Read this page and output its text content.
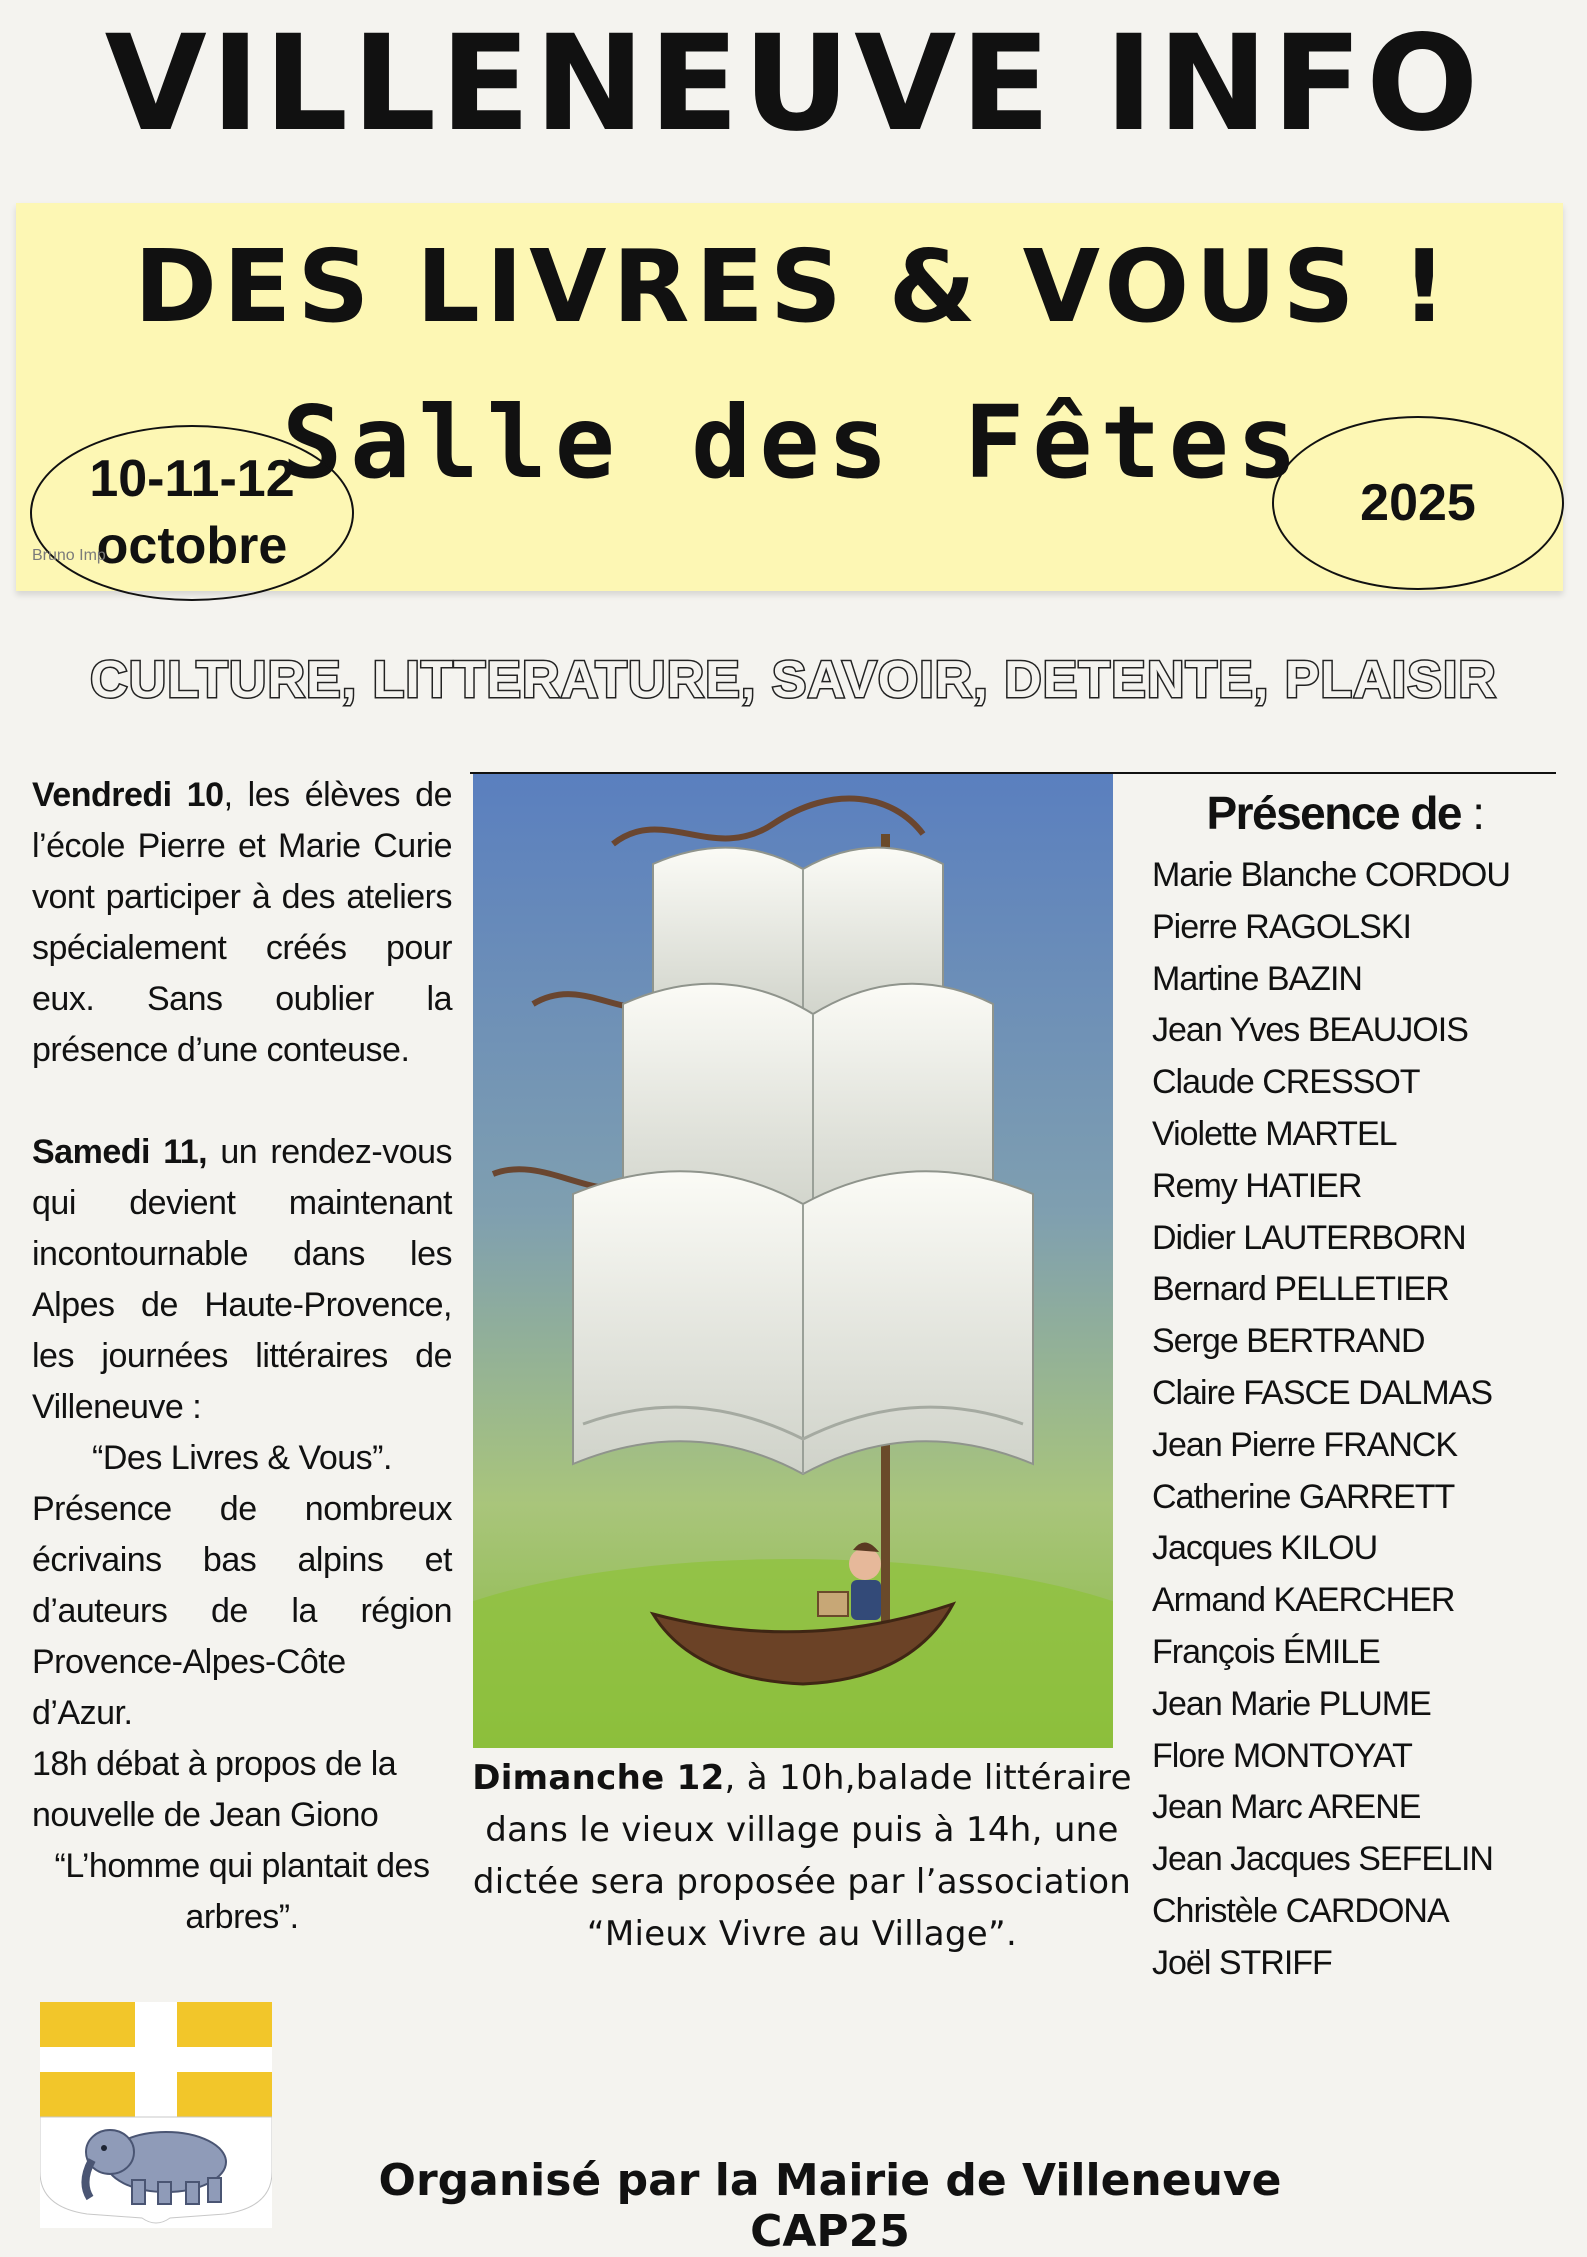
VILLENEUVE INFO
DES LIVRES & VOUS !
Salle des Fêtes
10-11-12
octobre
Bruno Imp
2025
CULTURE, LITTERATURE, SAVOIR, DETENTE, PLAISIR

Vendredi 10, les élèves de l’école Pierre et Marie Curie vont participer à des ateliers spécialement créés pour eux. Sans oublier la présence d’une conteuse.

Samedi 11, un rendez-vous qui devient maintenant incontournable dans les Alpes de Haute-Provence, les journées littéraires de Villeneuve :

“Des Livres & Vous”.

Présence de nombreux écrivains bas alpins et d’auteurs de la région Provence-Alpes-Côte d’Azur.

18h débat à propos de la nouvelle de Jean Giono

“L’homme qui plantait des arbres”.

Dimanche 12, à 10h,balade littéraire dans le vieux village puis à 14h, une dictée sera proposée par l’association “Mieux Vivre au Village”.
Présence de :
Marie Blanche CORDOU
Pierre RAGOLSKI
Martine BAZIN
Jean Yves BEAUJOIS
Claude CRESSOT
Violette MARTEL
Remy HATIER
Didier LAUTERBORN
Bernard PELLETIER
Serge BERTRAND
Claire FASCE DALMAS
Jean Pierre FRANCK
Catherine GARRETT
Jacques KILOU
Armand KAERCHER
François ÉMILE
Jean Marie PLUME
Flore MONTOYAT
Jean Marc ARENE
Jean Jacques SEFELIN
Christèle CARDONA
Joël STRIFF
Organisé par la Mairie de Villeneuve CAP25
